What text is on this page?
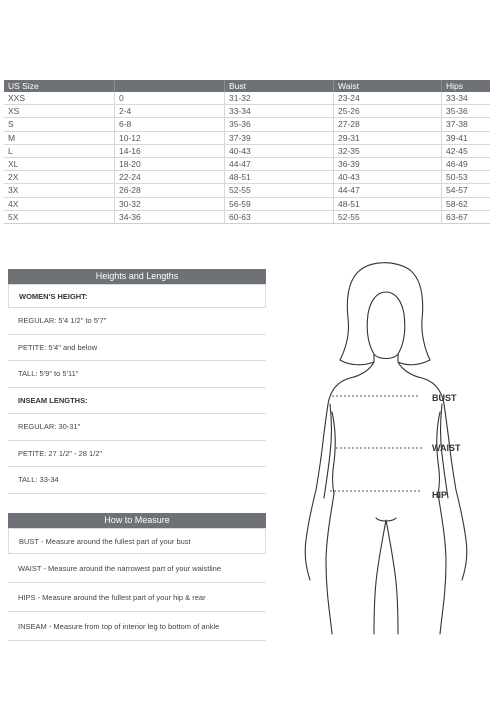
US Size		Bust	Waist	Hips
XXS	0	31-32	23-24	33-34
XS	2-4	33-34	25-26	35-36
S	6-8	35-36	27-28	37-38
M	10-12	37-39	29-31	39-41
L	14-16	40-43	32-35	42-45
XL	18-20	44-47	36-39	46-49
2X	22-24	48-51	40-43	50-53
3X	26-28	52-55	44-47	54-57
4X	30-32	56-59	48-51	58-62
5X	34-36	60-63	52-55	63-67
Heights and Lengths
WOMEN'S HEIGHT:
REGULAR: 5'4 1/2" to 5'7"
PETITE: 5'4" and below
TALL: 5'9" to 5'11"
INSEAM LENGTHS:
REGULAR: 30-31"
PETITE: 27 1/2" - 28 1/2"
TALL: 33-34
How to Measure
BUST - Measure around the fullest part of your bust
WAIST - Measure around the narrowest part of your waistline
HIPS - Measure around the fullest part of your hip & rear
INSEAM - Measure from top of interior leg to bottom of ankle
BUST
WAIST
HIP
